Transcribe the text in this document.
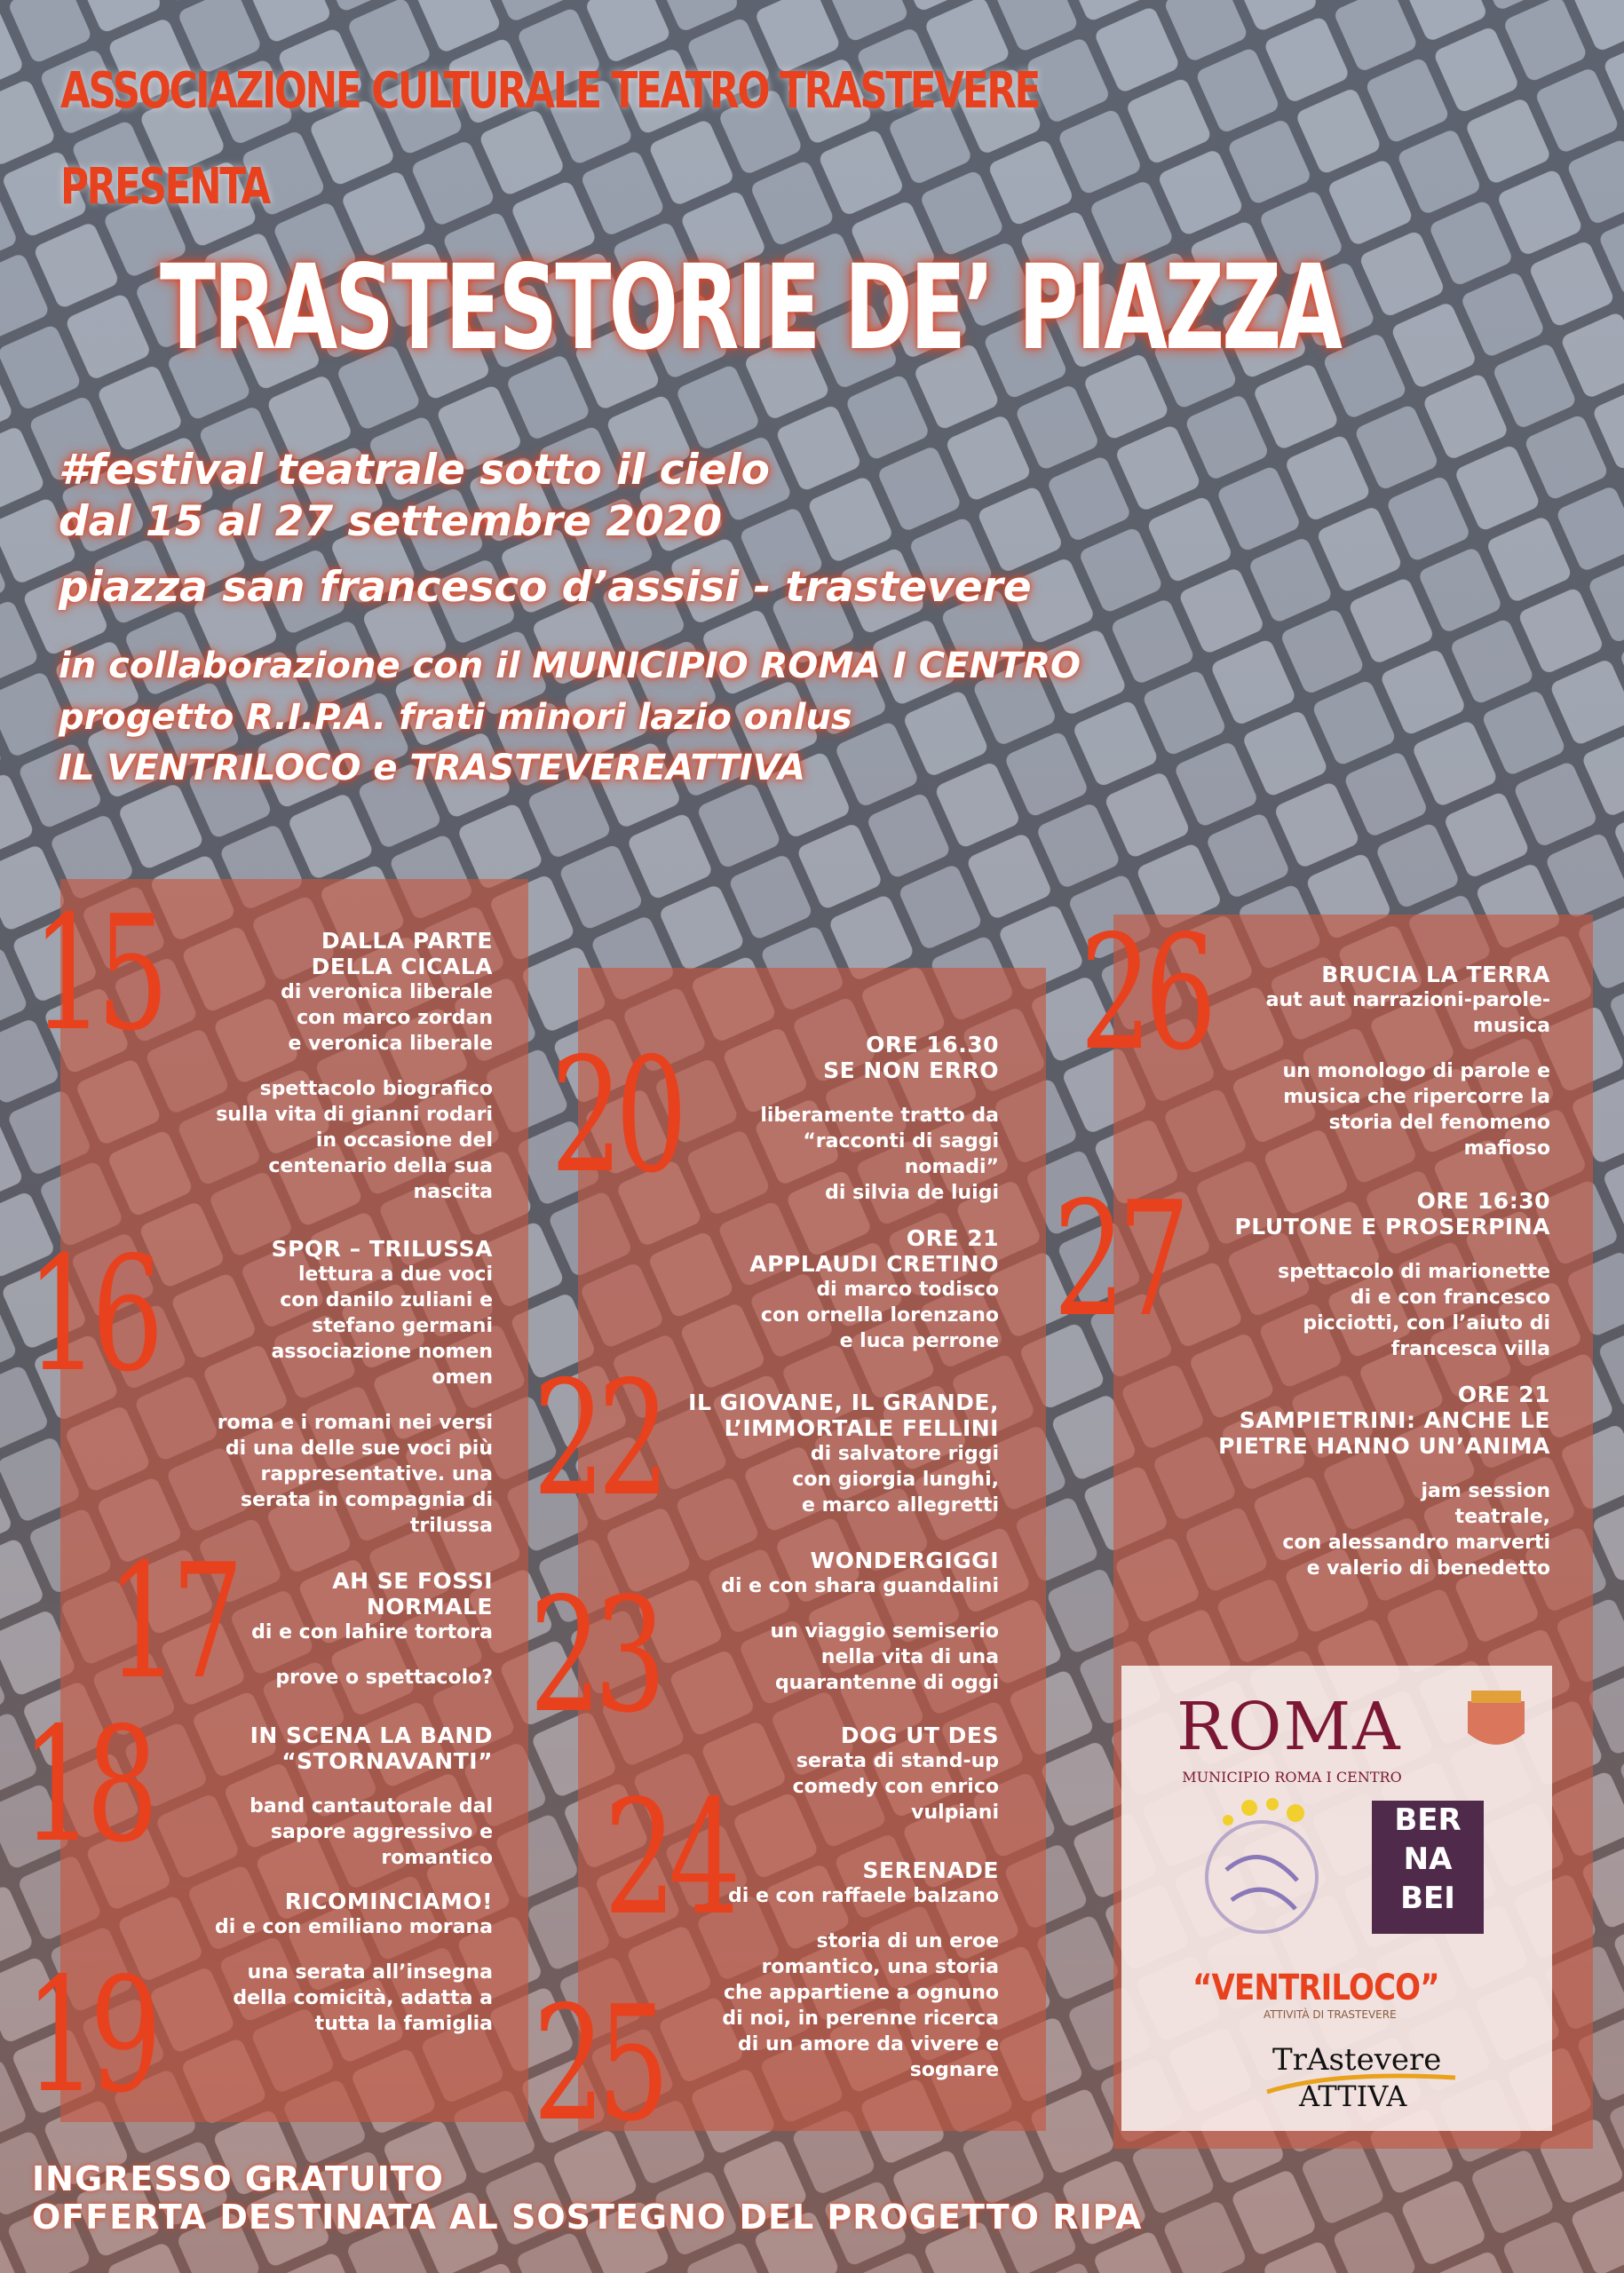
ASSOCIAZIONE CULTURALE TEATRO TRASTEVERE
PRESENTA
TRASTESTORIE DE’ PIAZZA
#festival teatrale sotto il cielo
dal 15 al 27 settembre 2020
piazza san francesco d’assisi - trastevere
in collaborazione con il MUNICIPIO ROMA I CENTRO
progetto R.I.P.A. frati minori lazio onlus
IL VENTRILOCO e TRASTEVEREATTIVA
15
16
17
18
19
20
22
23
24
25
26
27

DALLA PARTE

DELLA CICALA

di veronica liberale

con marco zordan

e veronica liberale

spettacolo biografico

sulla vita di gianni rodari

in occasione del

centenario della sua

nascita

SPQR – TRILUSSA

lettura a due voci

con danilo zuliani e

stefano germani

associazione nomen

omen

roma e i romani nei versi

di una delle sue voci più

rappresentative. una

serata in compagnia di

trilussa

AH SE FOSSI

NORMALE

di e con lahire tortora

prove o spettacolo?

IN SCENA LA BAND

“STORNAVANTI”

band cantautorale dal

sapore aggressivo e

romantico

RICOMINCIAMO!

di e con emiliano morana

una serata all’insegna

della comicità, adatta a

tutta la famiglia

ORE 16.30

SE NON ERRO

liberamente tratto da

“racconti di saggi

nomadi”

di silvia de luigi

ORE 21

APPLAUDI CRETINO

di marco todisco

con ornella lorenzano

e luca perrone

IL GIOVANE, IL GRANDE,

L’IMMORTALE FELLINI

di salvatore riggi

con giorgia lunghi,

e marco allegretti

WONDERGIGGI

di e con shara guandalini

un viaggio semiserio

nella vita di una

quarantenne di oggi

DOG UT DES

serata di stand-up

comedy con enrico

vulpiani

SERENADE

di e con raffaele balzano

storia di un eroe

romantico, una storia

che appartiene a ognuno

di noi, in perenne ricerca

di un amore da vivere e

sognare

BRUCIA LA TERRA

aut aut narrazioni-parole-

musica

un monologo di parole e

musica che ripercorre la

storia del fenomeno

mafioso

ORE 16:30

PLUTONE E PROSERPINA

spettacolo di marionette

di e con francesco

picciotti, con l’aiuto di

francesca villa

ORE 21

SAMPIETRINI: ANCHE LE

PIETRE HANNO UN’ANIMA

jam session

teatrale,

con alessandro marverti

e valerio di benedetto

ROMA
MUNICIPIO ROMA I CENTRO
BER
NA
BEI
“VENTRILOCO”
ATTIVITÀ DI TRASTEVERE
TrAstevere
ATTIVA
INGRESSO GRATUITO
OFFERTA DESTINATA AL SOSTEGNO DEL PROGETTO RIPA
